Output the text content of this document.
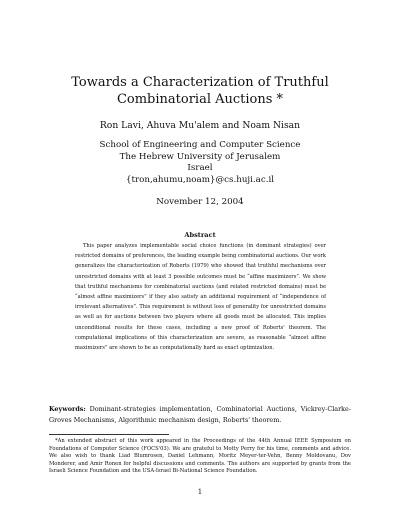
Towards a Characterization of Truthful Combinatorial Auctions *
Ron Lavi, Ahuva Mu'alem and Noam Nisan
School of Engineering and Computer Science
The Hebrew University of Jerusalem
Israel
{tron,ahumu,noam}@cs.huji.ac.il
November 12, 2004
Abstract

This paper analyzes implementable social choice functions (in dominant strategies) over restricted domains of preferences, the leading example being combinatorial auctions. Our work generalizes the characterization of Roberts (1979) who showed that truthful mechanisms over unrestricted domains with at least 3 possible outcomes must be “affine maximizers”. We show that truthful mechanisms for combinatorial auctions (and related restricted domains) must be “almost affine maximizers” if they also satisfy an additional requirement of “independence of irrelevant alternatives”. This requirement is without loss of generality for unrestricted domains as well as for auctions between two players where all goods must be allocated. This implies unconditional results for these cases, including a new proof of Roberts' theorem. The computational implications of this characterization are severe, as reasonable “almost affine maximizers” are shown to be as computationally hard as exact optimization.

Keywords: Dominant-strategies implementation, Combinatorial Auctions, Vickrey-Clarke-Groves Mechanisms, Algorithmic mechanism design, Roberts' theorem.

*An extended abstract of this work appeared in the Proceedings of the 44th Annual IEEE Symposium on Foundations of Computer Science (FOCS'03). We are grateful to Motty Perry for his time, comments and advice. We also wish to thank Liad Blumrosen, Daniel Lehmann, Moritz Meyer-ter-Vehn, Benny Moldovanu, Dov Monderer, and Amir Ronen for helpful discussions and comments. The authors are supported by grants from the Israeli Science Foundation and the USA-Israel Bi-National Science Foundation.

1
